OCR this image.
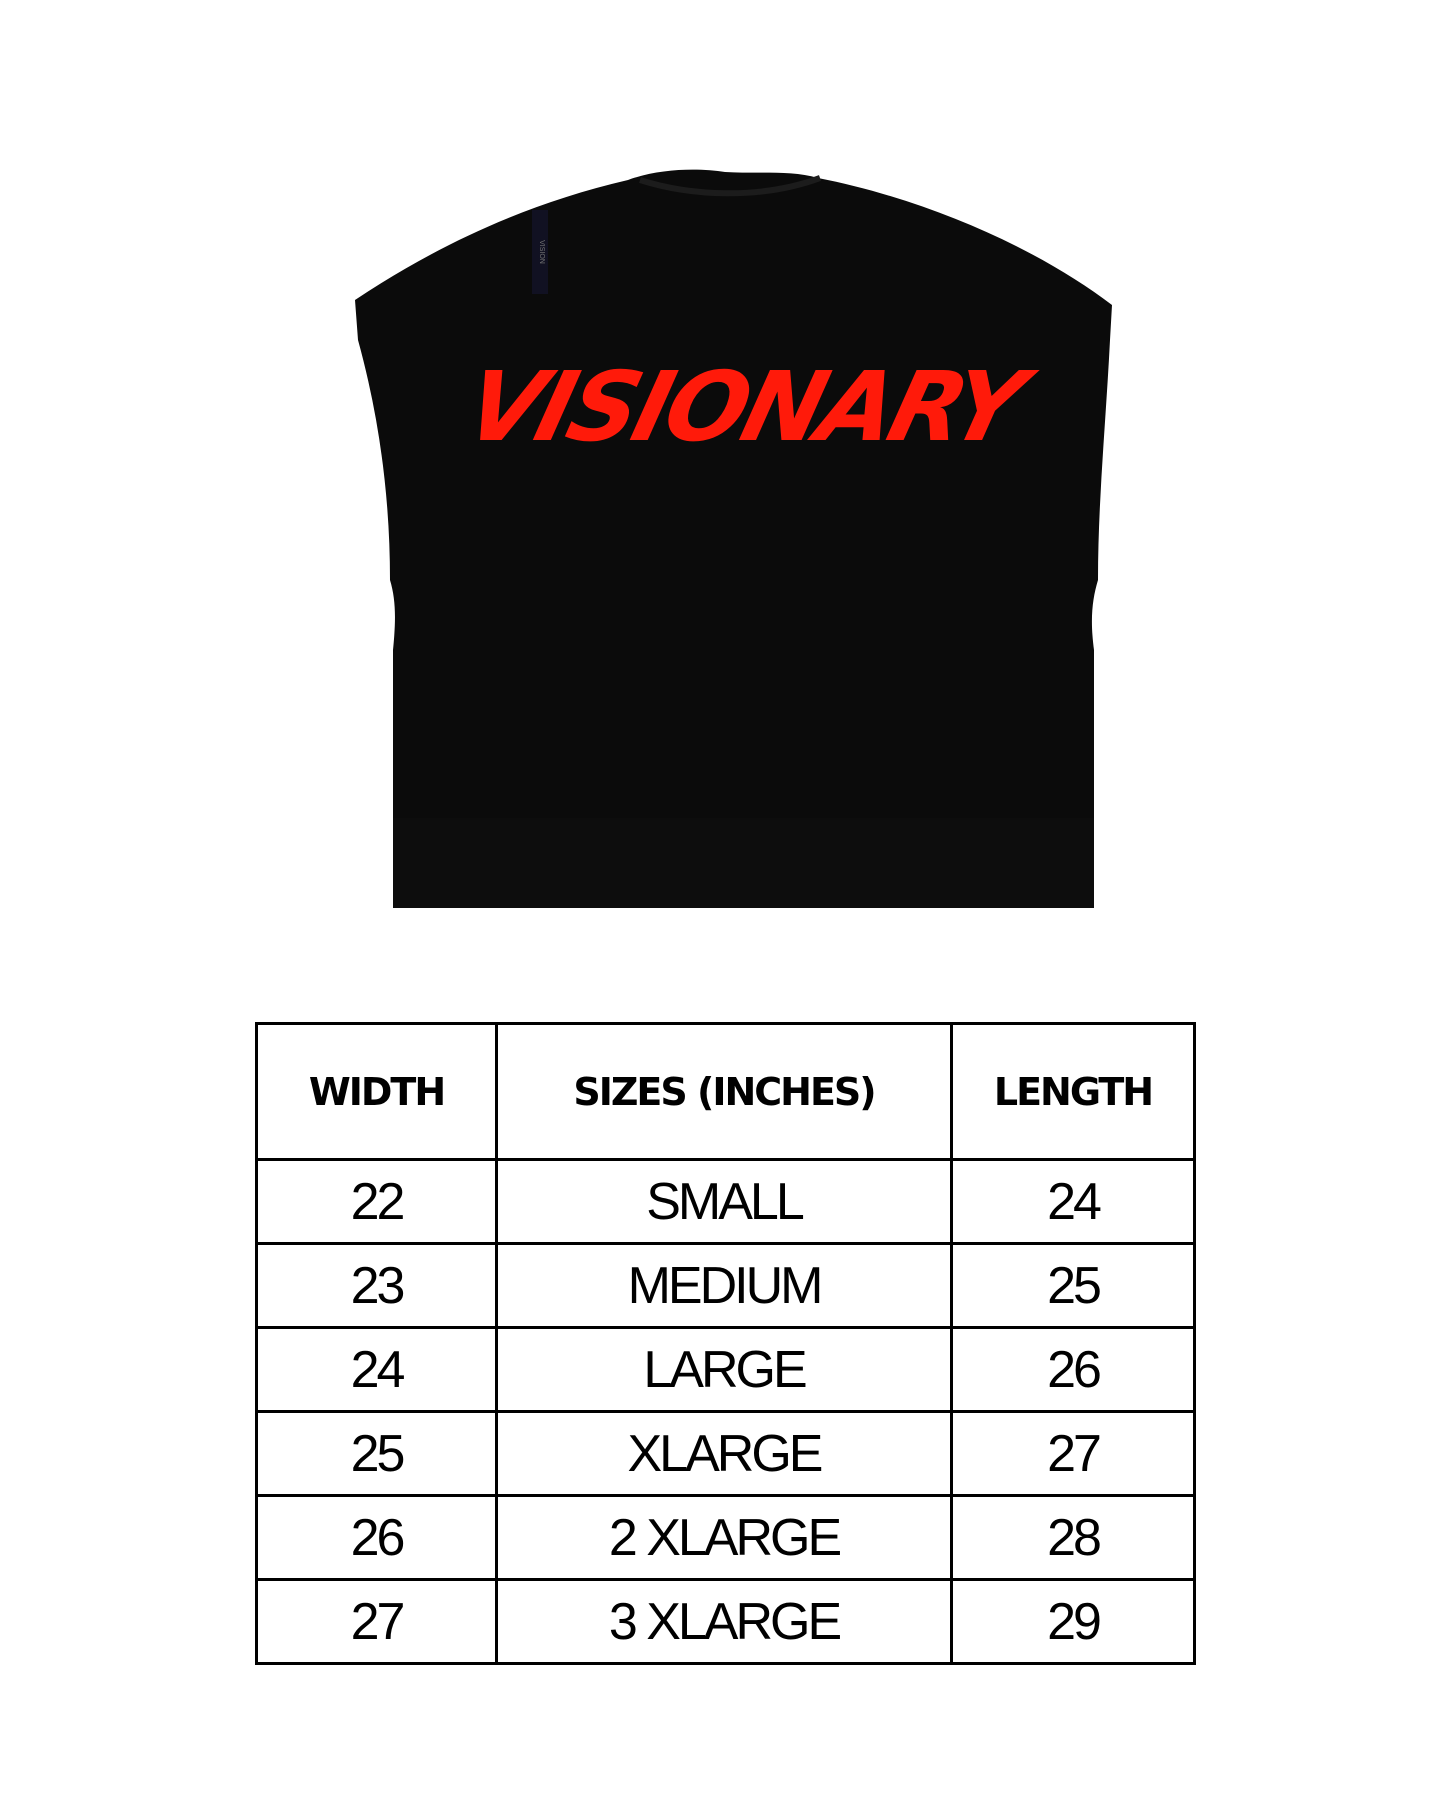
VISION
VISIONARY
WIDTH	SIZES (INCHES)	LENGTH
22	SMALL	24
23	MEDIUM	25
24	LARGE	26
25	XLARGE	27
26	2 XLARGE	28
27	3 XLARGE	29
